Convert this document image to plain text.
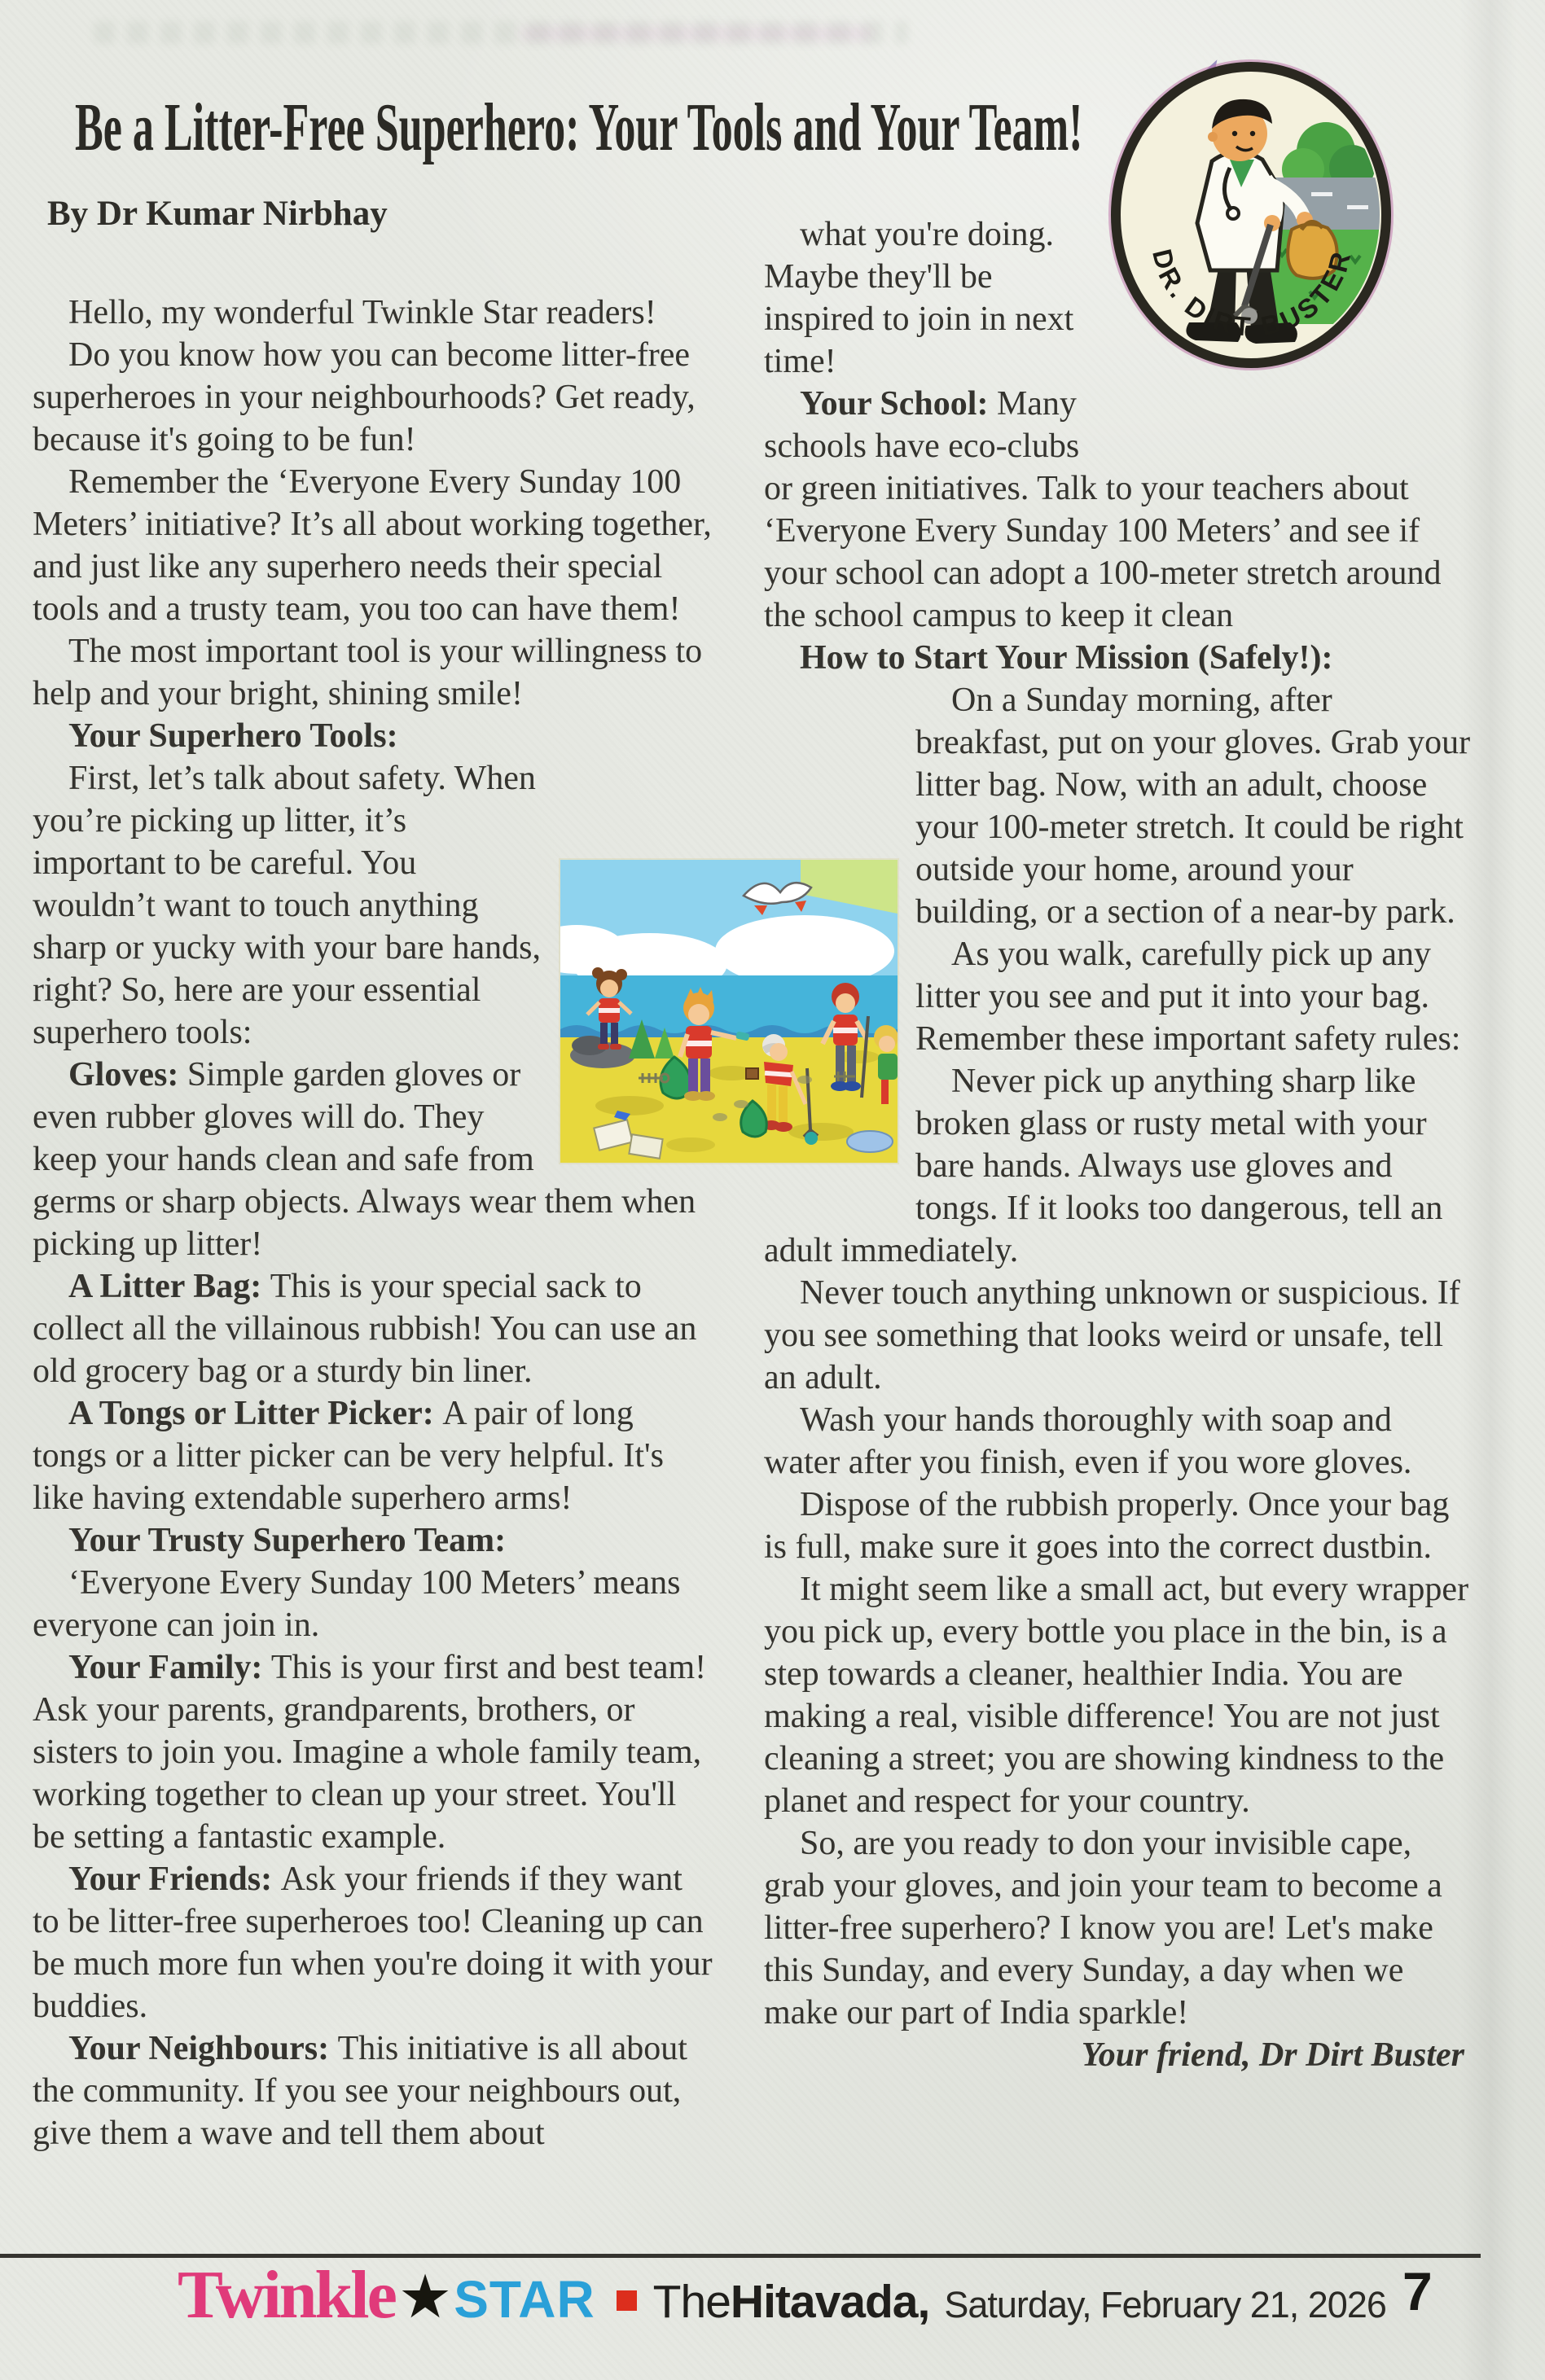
Be a Litter-Free Superhero: Your Tools and Your Team!
By Dr Kumar Nirbhay
DR. DIRT BUSTER

Hello, my wonderful Twinkle Star readers!

Do you know how you can become litter-free superheroes in your neighbourhoods? Get ready, because it's going to be fun!

Remember the ‘Everyone Every Sunday 100 Meters’ initiative? It’s all about working together, and just like any superhero needs their special tools and a trusty team, you too can have them!

The most important tool is your willingness to help and your bright, shining smile!

Your Superhero Tools:

First, let’s talk about safety. When you’re picking up litter, it’s important to be careful. You wouldn’t want to touch anything sharp or yucky with your bare hands, right? So, here are your essential superhero tools:

Gloves: Simple garden gloves or even rubber gloves will do. They keep your hands clean and safe from germs or sharp objects. Always wear them when picking up litter!

A Litter Bag: This is your special sack to collect all the villainous rubbish! You can use an old grocery bag or a sturdy bin liner.

A Tongs or Litter Picker: A pair of long tongs or a litter picker can be very helpful. It's like having extendable superhero arms!

Your Trusty Superhero Team:

‘Everyone Every Sunday 100 Meters’ means everyone can join in.

Your Family: This is your first and best team! Ask your parents, grandparents, brothers, or sisters to join you. Imagine a whole family team, working together to clean up your street. You'll be setting a fantastic example.

Your Friends: Ask your friends if they want to be litter-free superheroes too! Cleaning up can be much more fun when you're doing it with your buddies.

Your Neighbours: This initiative is all about the community. If you see your neighbours out, give them a wave and tell them about

what you're doing. Maybe they'll be inspired to join in next time!

Your School: Many schools have eco-clubs or green initiatives. Talk to your teachers about ‘Everyone Every Sunday 100 Meters’ and see if your school can adopt a 100-meter stretch around the school campus to keep it clean

How to Start Your Mission (Safely!):

On a Sunday morning, after breakfast, put on your gloves. Grab your litter bag. Now, with an adult, choose your 100-meter stretch. It could be right outside your home, around your building, or a section of a near-by park.

As you walk, carefully pick up any litter you see and put it into your bag. Remember these important safety rules:

Never pick up anything sharp like broken glass or rusty metal with your bare hands. Always use gloves and tongs. If it looks too dangerous, tell an adult immediately.

Never touch anything unknown or suspicious. If you see something that looks weird or unsafe, tell an adult.

Wash your hands thoroughly with soap and water after you finish, even if you wore gloves.

Dispose of the rubbish properly. Once your bag is full, make sure it goes into the correct dustbin.

It might seem like a small act, but every wrapper you pick up, every bottle you place in the bin, is a step towards a cleaner, healthier India. You are making a real, visible difference! You are not just cleaning a street; you are showing kindness to the planet and respect for your country.

So, are you ready to don your invisible cape, grab your gloves, and join your team to become a litter-free superhero? I know you are! Let's make this Sunday, and every Sunday, a day when we make our part of India sparkle!

Your friend, Dr Dirt Buster

Twinkle ★ STAR TheHitavada, Saturday, February 21, 2026 7
